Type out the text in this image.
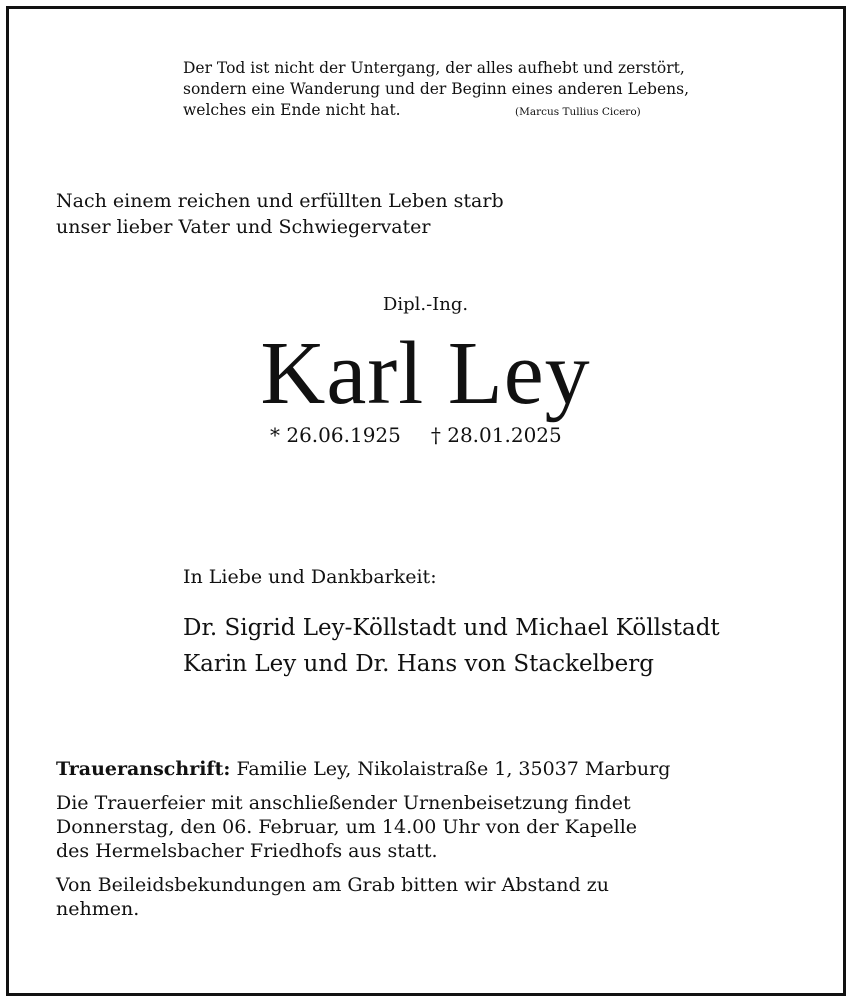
Der Tod ist nicht der Untergang, der alles aufhebt und zerstört,
sondern eine Wanderung und der Beginn eines anderen Lebens,
welches ein Ende nicht hat.	(Marcus Tullius Cicero)
Nach einem reichen und erfüllten Leben starb
unser lieber Vater und Schwiegervater
Dipl.-Ing.
Karl Ley
* 26.06.1925 † 28.01.2025
In Liebe und Dankbarkeit:
Dr. Sigrid Ley-Köllstadt und Michael Köllstadt
Karin Ley und Dr. Hans von Stackelberg

Traueranschrift: Familie Ley, Nikolaistraße 1, 35037 Marburg

Die Trauerfeier mit anschließender Urnenbeisetzung findet
Donnerstag, den 06. Februar, um 14.00 Uhr von der Kapelle
des Hermelsbacher Friedhofs aus statt.

Von Beileidsbekundungen am Grab bitten wir Abstand zu
nehmen.
